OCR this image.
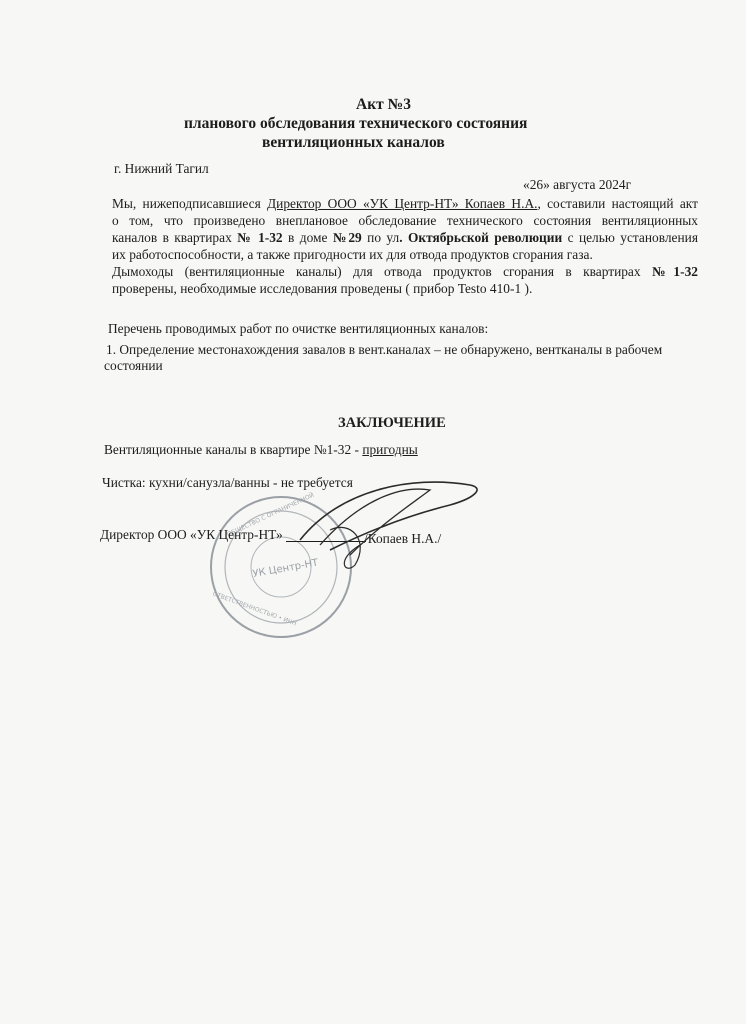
Акт №3

планового обследования технического состояния

вентиляционных каналов

г. Нижний Тагил

«26» августа 2024г

Мы, нижеподписавшиеся Директор ООО «УК Центр-НТ» Копаев Н.А., составили настоящий акт
о том, что произведено внеплановое обследование технического состояния вентиляционных
каналов в квартирах № 1-32 в доме №29 по ул. Октябрьской революции с целью установления
их работоспособности, а также пригодности их для отвода продуктов сгорания газа.
Дымоходы (вентиляционные каналы) для отвода продуктов сгорания в квартирах №1-32
проверены, необходимые исследования проведены ( прибор Testo 410-1 ).

Перечень проводимых работ по очистке вентиляционных каналов:

1. Определение местонахождения завалов в вент.каналах – не обнаружено, вентканалы в рабочем

состоянии

ЗАКЛЮЧЕНИЕ

Вентиляционные каналы в квартире №1-32 - пригодны

Чистка: кухни/санузла/ванны - не требуется

ОБЩЕСТВО С ОГРАНИЧЕННОЙ
ОТВЕТСТВЕННОСТЬЮ • ИНН
УК Центр-НТ

Директор ООО «УК Центр-НТ»	/Копаев Н.А./
